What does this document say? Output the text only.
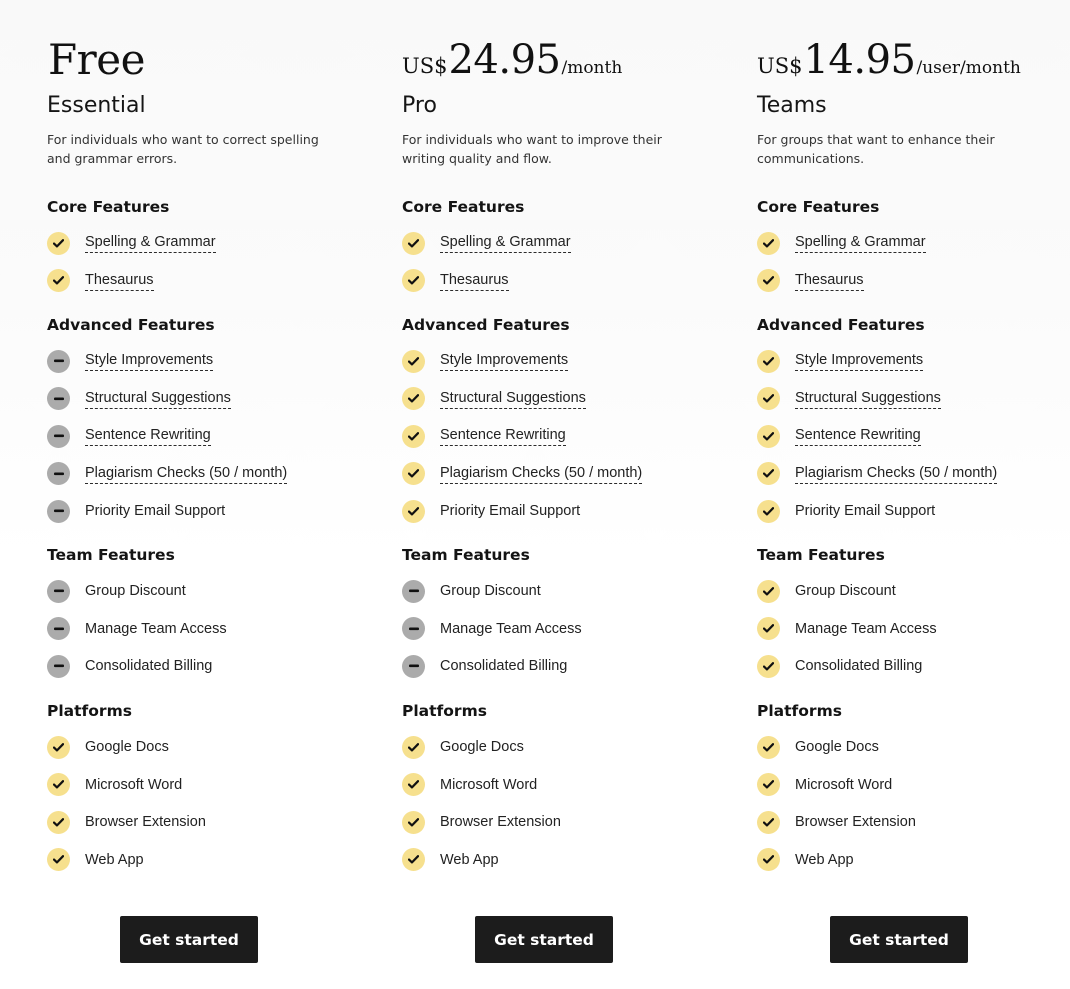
Free
Essential
For individuals who want to correct spelling and grammar errors.
Core Features
Spelling & Grammar
Thesaurus
Advanced Features
Style Improvements
Structural Suggestions
Sentence Rewriting
Plagiarism Checks (50 / month)
Priority Email Support
Team Features
Group Discount
Manage Team Access
Consolidated Billing
Platforms
Google Docs
Microsoft Word
Browser Extension
Web App
Get started
US$ 24.95 /month
Pro
For individuals who want to improve their writing quality and flow.
Core Features
Spelling & Grammar
Thesaurus
Advanced Features
Style Improvements
Structural Suggestions
Sentence Rewriting
Plagiarism Checks (50 / month)
Priority Email Support
Team Features
Group Discount
Manage Team Access
Consolidated Billing
Platforms
Google Docs
Microsoft Word
Browser Extension
Web App
Get started
US$ 14.95 /user/month
Teams
For groups that want to enhance their communications.
Core Features
Spelling & Grammar
Thesaurus
Advanced Features
Style Improvements
Structural Suggestions
Sentence Rewriting
Plagiarism Checks (50 / month)
Priority Email Support
Team Features
Group Discount
Manage Team Access
Consolidated Billing
Platforms
Google Docs
Microsoft Word
Browser Extension
Web App
Get started
